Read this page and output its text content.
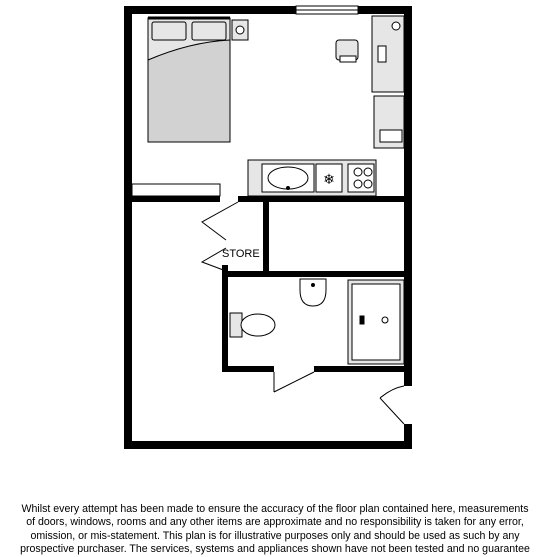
❄
STORE
Whilst every attempt has been made to ensure the accuracy of the floor plan contained here, measurements
of doors, windows, rooms and any other items are approximate and no responsibility is taken for any error,
omission, or mis-statement. This plan is for illustrative purposes only and should be used as such by any
prospective purchaser. The services, systems and appliances shown have not been tested and no guarantee
